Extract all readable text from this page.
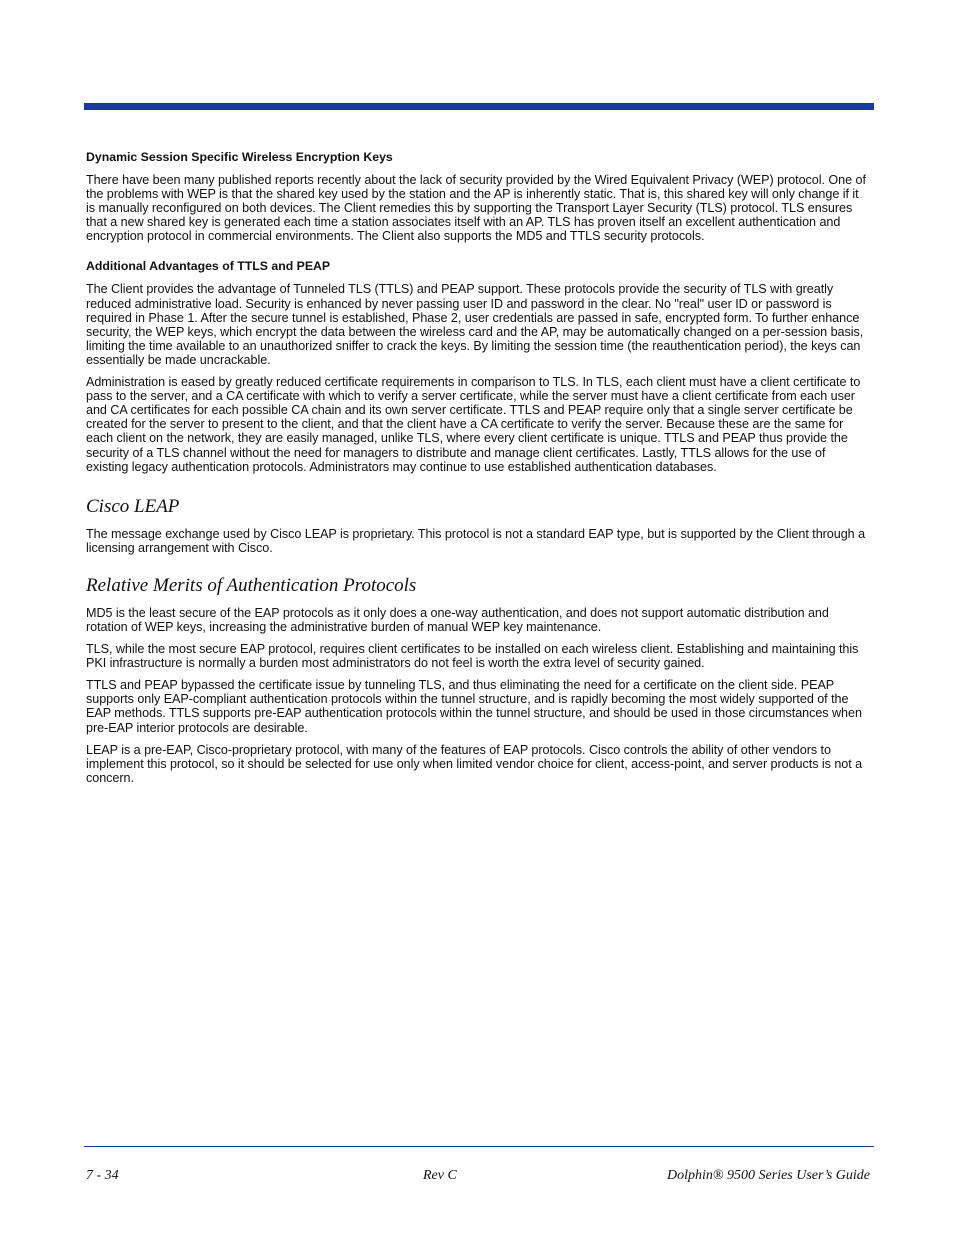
Dynamic Session Specific Wireless Encryption Keys

There have been many published reports recently about the lack of security provided by the Wired Equivalent Privacy (WEP) protocol. One of the problems with WEP is that the shared key used by the station and the AP is inherently static. That is, this shared key will only change if it is manually reconfigured on both devices. The Client remedies this by supporting the Transport Layer Security (TLS) protocol. TLS ensures that a new shared key is generated each time a station associates itself with an AP. TLS has proven itself an excellent authentication and encryption protocol in commercial environments. The Client also supports the MD5 and TTLS security protocols.

Additional Advantages of TTLS and PEAP

The Client provides the advantage of Tunneled TLS (TTLS) and PEAP support. These protocols provide the security of TLS with greatly reduced administrative load. Security is enhanced by never passing user ID and password in the clear. No "real" user ID or password is required in Phase 1. After the secure tunnel is established, Phase 2, user credentials are passed in safe, encrypted form. To further enhance security, the WEP keys, which encrypt the data between the wireless card and the AP, may be automatically changed on a per-session basis, limiting the time available to an unauthorized sniffer to crack the keys. By limiting the session time (the reauthentication period), the keys can essentially be made uncrackable.

Administration is eased by greatly reduced certificate requirements in comparison to TLS. In TLS, each client must have a client certificate to pass to the server, and a CA certificate with which to verify a server certificate, while the server must have a client certificate from each user and CA certificates for each possible CA chain and its own server certificate. TTLS and PEAP require only that a single server certificate be created for the server to present to the client, and that the client have a CA certificate to verify the server. Because these are the same for each client on the network, they are easily managed, unlike TLS, where every client certificate is unique. TTLS and PEAP thus provide the security of a TLS channel without the need for managers to distribute and manage client certificates. Lastly, TTLS allows for the use of existing legacy authentication protocols. Administrators may continue to use established authentication databases.

Cisco LEAP

The message exchange used by Cisco LEAP is proprietary. This protocol is not a standard EAP type, but is supported by the Client through a licensing arrangement with Cisco.

Relative Merits of Authentication Protocols

MD5 is the least secure of the EAP protocols as it only does a one-way authentication, and does not support automatic distribution and rotation of WEP keys, increasing the administrative burden of manual WEP key maintenance.

TLS, while the most secure EAP protocol, requires client certificates to be installed on each wireless client. Establishing and maintaining this PKI infrastructure is normally a burden most administrators do not feel is worth the extra level of security gained.

TTLS and PEAP bypassed the certificate issue by tunneling TLS, and thus eliminating the need for a certificate on the client side. PEAP supports only EAP-compliant authentication protocols within the tunnel structure, and is rapidly becoming the most widely supported of the EAP methods. TTLS supports pre-EAP authentication protocols within the tunnel structure, and should be used in those circumstances when pre-EAP interior protocols are desirable.

LEAP is a pre-EAP, Cisco-proprietary protocol, with many of the features of EAP protocols. Cisco controls the ability of other vendors to implement this protocol, so it should be selected for use only when limited vendor choice for client, access-point, and server products is not a concern.

7 - 34	Rev C	Dolphin® 9500 Series User’s Guide
